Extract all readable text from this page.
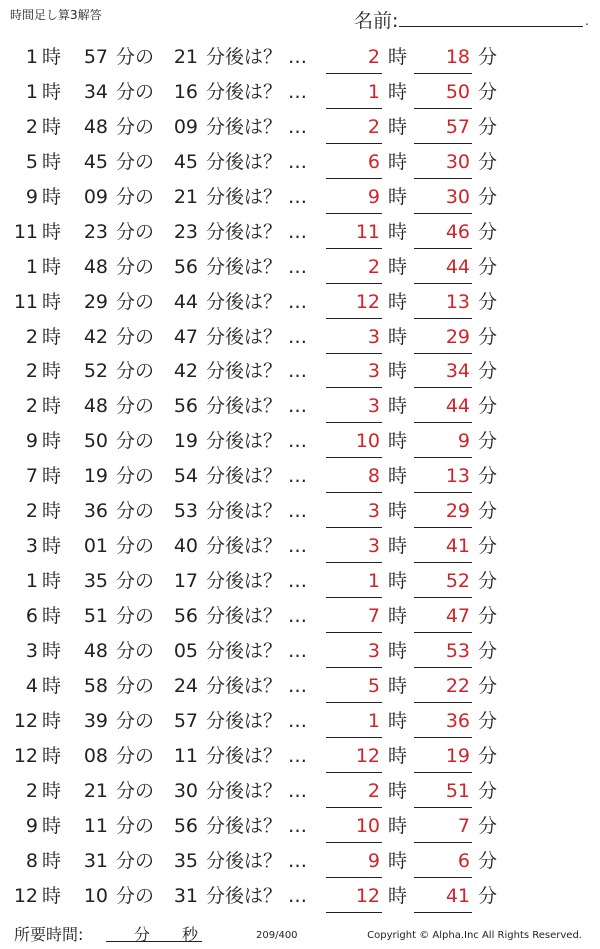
時間足し算3解答	名前:	.
1 時	57 分の	21 分後は？ …	2 時	18 分
1 時	34 分の	16 分後は？ …	1 時	50 分
2 時	48 分の	09 分後は？ …	2 時	57 分
5 時	45 分の	45 分後は？ …	6 時	30 分
9 時	09 分の	21 分後は？ …	9 時	30 分
11 時	23 分の	23 分後は？ …	11 時	46 分
1 時	48 分の	56 分後は？ …	2 時	44 分
11 時	29 分の	44 分後は？ …	12 時	13 分
2 時	42 分の	47 分後は？ …	3 時	29 分
2 時	52 分の	42 分後は？ …	3 時	34 分
2 時	48 分の	56 分後は？ …	3 時	44 分
9 時	50 分の	19 分後は？ …	10 時	9 分
7 時	19 分の	54 分後は？ …	8 時	13 分
2 時	36 分の	53 分後は？ …	3 時	29 分
3 時	01 分の	40 分後は？ …	3 時	41 分
1 時	35 分の	17 分後は？ …	1 時	52 分
6 時	51 分の	56 分後は？ …	7 時	47 分
3 時	48 分の	05 分後は？ …	3 時	53 分
4 時	58 分の	24 分後は？ …	5 時	22 分
12 時	39 分の	57 分後は？ …	1 時	36 分
12 時	08 分の	11 分後は？ …	12 時	19 分
2 時	21 分の	30 分後は？ …	2 時	51 分
9 時	11 分の	56 分後は？ …	10 時	7 分
8 時	31 分の	35 分後は？ …	9 時	6 分
12 時	10 分の	31 分後は？ …	12 時	41 分
所要時間:	分 秒	209/400	Copyright © Alpha.Inc All Rights Reserved.
